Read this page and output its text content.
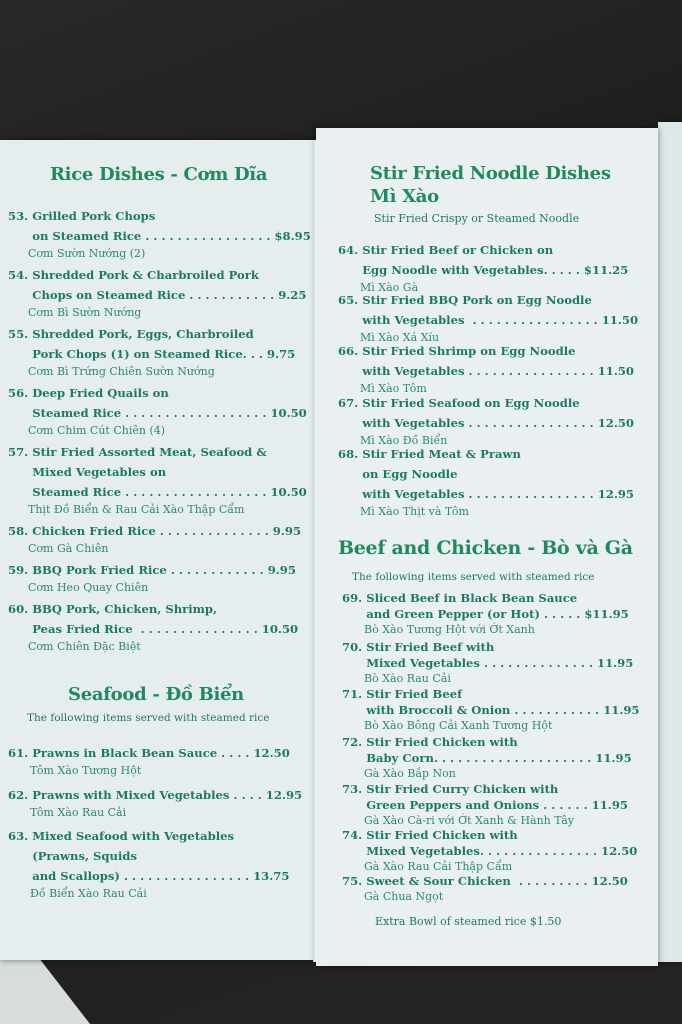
Rice Dishes - Cơm Dĩa
53. Grilled Pork Chops
on Steamed Rice . . . . . . . . . . . . . . . . $8.95
Cơm Sườn Nướng (2)
54. Shredded Pork & Charbroiled Pork
Chops on Steamed Rice . . . . . . . . . . . 9.25
Cơm Bì Sườn Nướng
55. Shredded Pork, Eggs, Charbroiled
Pork Chops (1) on Steamed Rice. . . 9.75
Cơm Bì Trứng Chiên Sườn Nướng
56. Deep Fried Quails on
Steamed Rice . . . . . . . . . . . . . . . . . . 10.50
Cơm Chim Cút Chiên (4)
57. Stir Fried Assorted Meat, Seafood &
Mixed Vegetables on
Steamed Rice . . . . . . . . . . . . . . . . . . 10.50
Thịt Đồ Biển & Rau Cải Xào Thập Cẩm
58. Chicken Fried Rice . . . . . . . . . . . . . . 9.95
Cơm Gà Chiên
59. BBQ Pork Fried Rice . . . . . . . . . . . . 9.95
Cơm Heo Quay Chiên
60. BBQ Pork, Chicken, Shrimp,
Peas Fried Rice  . . . . . . . . . . . . . . . 10.50
Cơm Chiên Đặc Biệt
Seafood - Đồ Biển
The following items served with steamed rice
61. Prawns in Black Bean Sauce . . . . 12.50
Tôm Xào Tương Hột
62. Prawns with Mixed Vegetables . . . . 12.95
Tôm Xào Rau Cải
63. Mixed Seafood with Vegetables
(Prawns, Squids
and Scallops) . . . . . . . . . . . . . . . . 13.75
Đồ Biển Xào Rau Cải
Stir Fried Noodle Dishes
Mì Xào
Stir Fried Crispy or Steamed Noodle
64. Stir Fried Beef or Chicken on
Egg Noodle with Vegetables. . . . . $11.25
Mì Xào Gà
65. Stir Fried BBQ Pork on Egg Noodle
with Vegetables  . . . . . . . . . . . . . . . . 11.50
Mì Xào Xá Xíu
66. Stir Fried Shrimp on Egg Noodle
with Vegetables . . . . . . . . . . . . . . . . 11.50
Mì Xào Tôm
67. Stir Fried Seafood on Egg Noodle
with Vegetables . . . . . . . . . . . . . . . . 12.50
Mì Xào Đồ Biển
68. Stir Fried Meat & Prawn
on Egg Noodle
with Vegetables . . . . . . . . . . . . . . . . 12.95
Mì Xào Thịt và Tôm
Beef and Chicken - Bò và Gà
The following items served with steamed rice
69. Sliced Beef in Black Bean Sauce
and Green Pepper (or Hot) . . . . . $11.95
Bò Xào Tương Hột với Ớt Xanh
70. Stir Fried Beef with
Mixed Vegetables . . . . . . . . . . . . . . 11.95
Bò Xào Rau Cải
71. Stir Fried Beef
with Broccoli & Onion . . . . . . . . . . . 11.95
Bò Xào Bông Cải Xanh Tương Hột
72. Stir Fried Chicken with
Baby Corn. . . . . . . . . . . . . . . . . . . . 11.95
Gà Xào Bắp Non
73. Stir Fried Curry Chicken with
Green Peppers and Onions . . . . . . 11.95
Gà Xào Cà-ri với Ớt Xanh & Hành Tây
74. Stir Fried Chicken with
Mixed Vegetables. . . . . . . . . . . . . . . 12.50
Gà Xào Rau Cải Thập Cẩm
75. Sweet & Sour Chicken  . . . . . . . . . 12.50
Gà Chua Ngọt
Extra Bowl of steamed rice $1.50
